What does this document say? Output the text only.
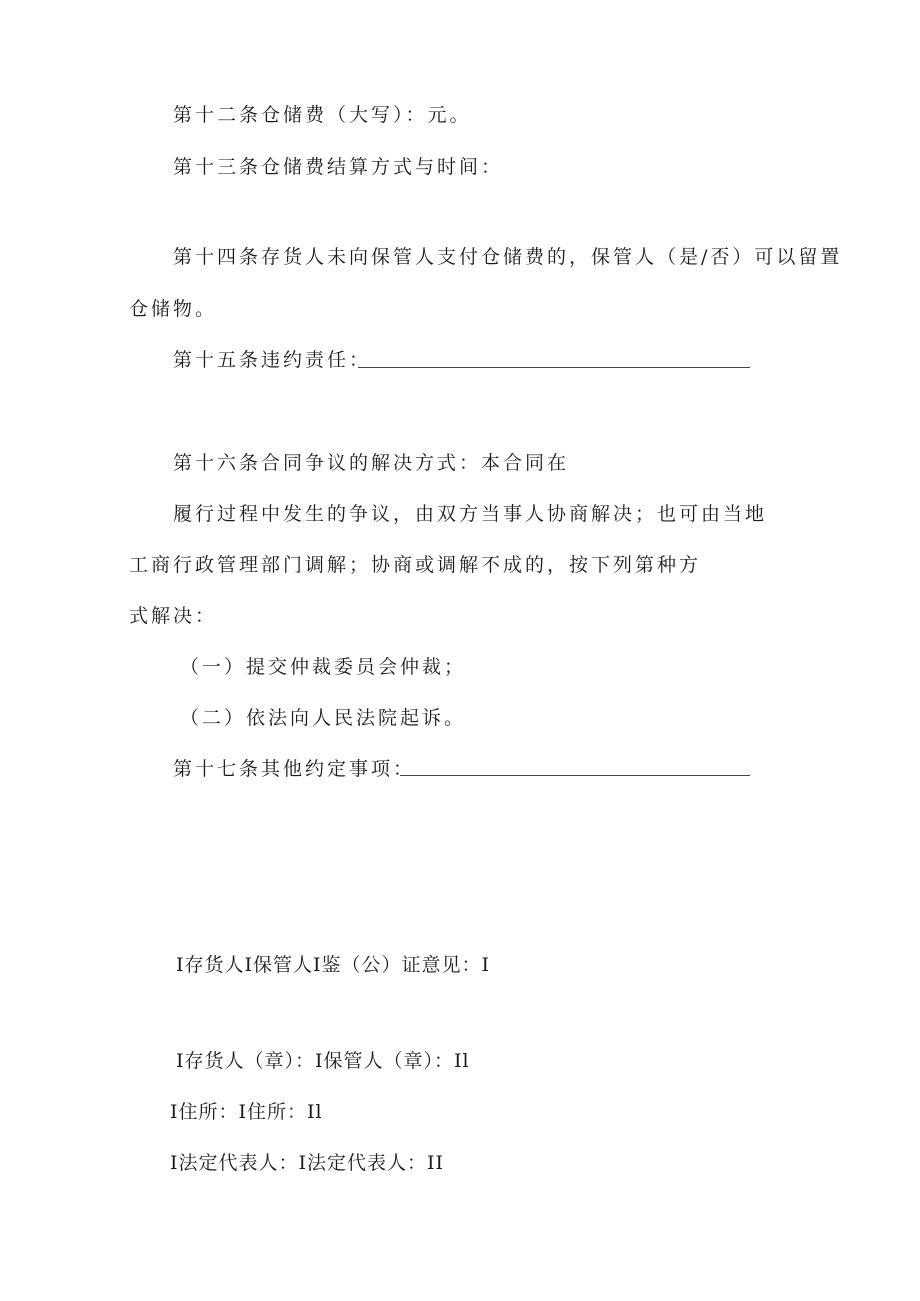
第十二条仓储费（大写）：元。
第十三条仓储费结算方式与时间：
第十四条存货人未向保管人支付仓储费的，保管人（是/否）可以留置
仓储物。
第十五条违约责任：
第十六条合同争议的解决方式：本合同在
履行过程中发生的争议，由双方当事人协商解决；也可由当地
工商行政管理部门调解；协商或调解不成的，按下列第种方
式解决：
（一）提交仲裁委员会仲裁；
（二）依法向人民法院起诉。
第十七条其他约定事项：
I存货人I保管人I鉴（公）证意见：I
I存货人（章）：I保管人（章）：Il
I住所：I住所：Il
I法定代表人：I法定代表人：II
